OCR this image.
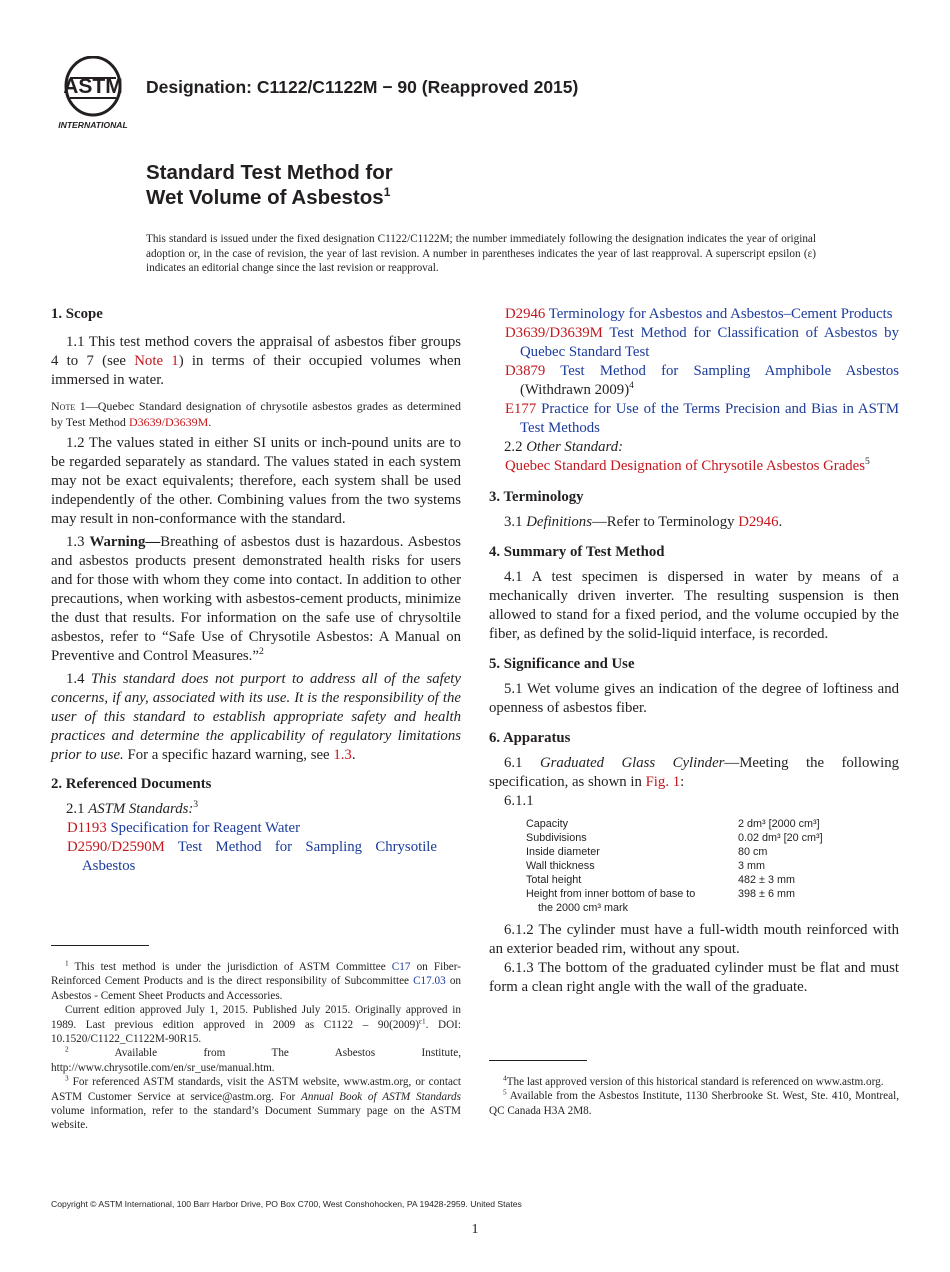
ASTM
INTERNATIONAL
Designation: C1122/C1122M − 90 (Reapproved 2015)
Standard Test Method for
Wet Volume of Asbestos$^1$
This standard is issued under the fixed designation C1122/C1122M; the number immediately following the designation indicates the year of original adoption or, in the case of revision, the year of last revision. A number in parentheses indicates the year of last reapproval. A superscript epsilon (ε) indicates an editorial change since the last revision or reapproval.
1. Scope

1.1 This test method covers the appraisal of asbestos fiber groups 4 to 7 (see Note 1) in terms of their occupied volumes when immersed in water.

Note 1—Quebec Standard designation of chrysotile asbestos grades as determined by Test Method D3639/D3639M.

1.2 The values stated in either SI units or inch-pound units are to be regarded separately as standard. The values stated in each system may not be exact equivalents; therefore, each system shall be used independently of the other. Combining values from the two systems may result in non-conformance with the standard.

1.3 Warning—Breathing of asbestos dust is hazardous. Asbestos and asbestos products present demonstrated health risks for users and for those with whom they come into contact. In addition to other precautions, when working with asbestos-cement products, minimize the dust that results. For information on the safe use of chrysoltile asbestos, refer to “Safe Use of Chrysotile Asbestos: A Manual on Preventive and Control Measures.”$^2$

1.4 This standard does not purport to address all of the safety concerns, if any, associated with its use. It is the responsibility of the user of this standard to establish appropriate safety and health practices and determine the applicability of regulatory limitations prior to use. For a specific hazard warning, see 1.3.

2. Referenced Documents

2.1 ASTM Standards:$^3$

D1193 Specification for Reagent Water

D2590/D2590M Test Method for Sampling Chrysotile Asbestos

$^1$ This test method is under the jurisdiction of ASTM Committee C17 on Fiber-Reinforced Cement Products and is the direct responsibility of Subcommittee C17.03 on Asbestos - Cement Sheet Products and Accessories.

Current edition approved July 1, 2015. Published July 2015. Originally approved in 1989. Last previous edition approved in 2009 as $C1122 - 90(2009)^{\varepsilon 1}$. DOI: 10.1520/C1122_C1122M-90R15.

$^2$ Available from The Asbestos Institute, http://www.chrysotile.com/en/sr_use/manual.htm.

$^3$ For referenced ASTM standards, visit the ASTM website, www.astm.org, or contact ASTM Customer Service at service@astm.org. For Annual Book of ASTM Standards volume information, refer to the standard’s Document Summary page on the ASTM website.

D2946 Terminology for Asbestos and Asbestos–Cement Products

D3639/D3639M Test Method for Classification of Asbestos by Quebec Standard Test

D3879 Test Method for Sampling Amphibole Asbestos (Withdrawn 2009)$^4$

E177 Practice for Use of the Terms Precision and Bias in ASTM Test Methods

2.2 Other Standard:

Quebec Standard Designation of Chrysotile Asbestos Grades$^5$

3. Terminology

3.1 Definitions—Refer to Terminology D2946.

4. Summary of Test Method

4.1 A test specimen is dispersed in water by means of a mechanically driven inverter. The resulting suspension is then allowed to stand for a fixed period, and the volume occupied by the fiber, as defined by the solid-liquid interface, is recorded.

5. Significance and Use

5.1 Wet volume gives an indication of the degree of loftiness and openness of asbestos fiber.

6. Apparatus

6.1 Graduated Glass Cylinder—Meeting the following specification, as shown in Fig. 1:

6.1.1

Capacity	2 dm³ [2000 cm³]
Subdivisions	0.02 dm³ [20 cm³]
Inside diameter	80 cm
Wall thickness	3 mm
Total height	482 ± 3 mm
Height from inner bottom of base to	398 ± 6 mm
the 2000 cm³ mark	

6.1.2 The cylinder must have a full-width mouth reinforced with an exterior beaded rim, without any spout.

6.1.3 The bottom of the graduated cylinder must be flat and must form a clean right angle with the wall of the graduate.

$^4$The last approved version of this historical standard is referenced on www.astm.org.

$^5$ Available from the Asbestos Institute, 1130 Sherbrooke St. West, Ste. 410, Montreal, QC Canada H3A 2M8.

Copyright © ASTM International, 100 Barr Harbor Drive, PO Box C700, West Conshohocken, PA 19428-2959. United States
1
